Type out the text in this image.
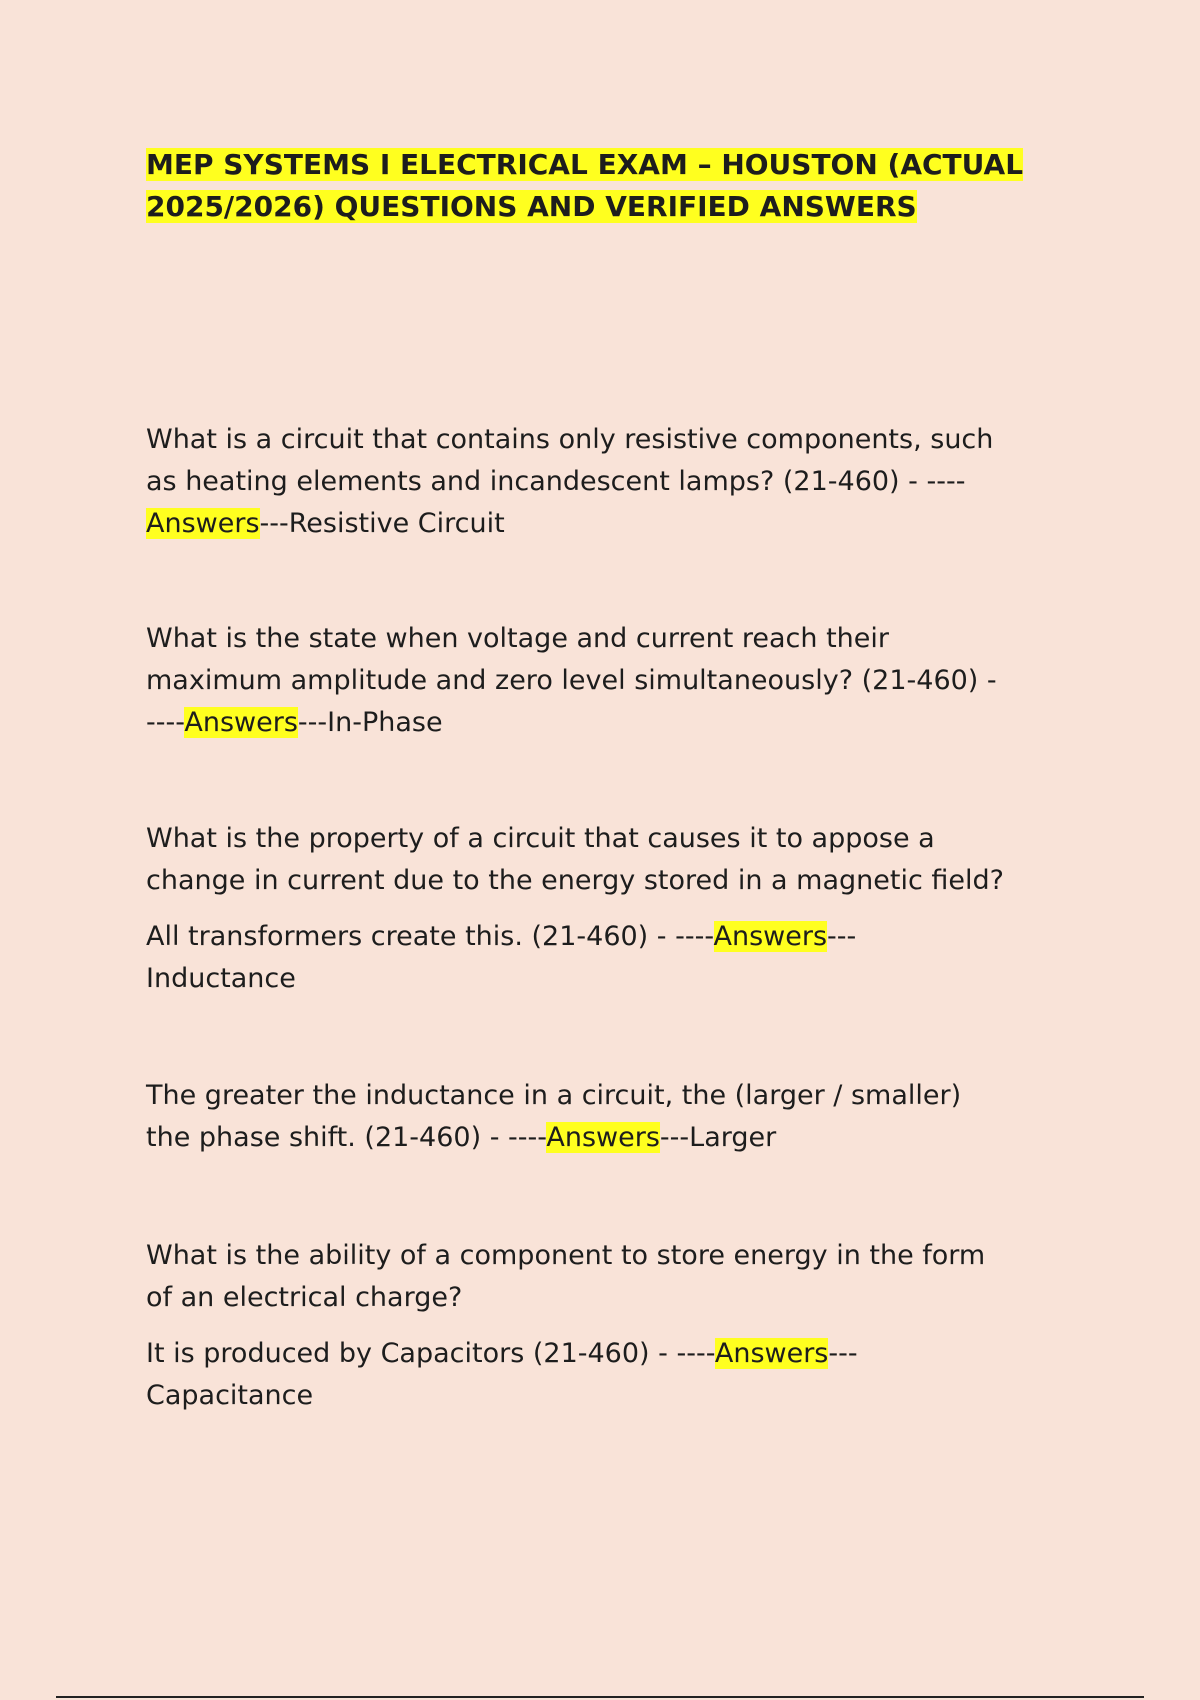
MEP SYSTEMS I ELECTRICAL EXAM – HOUSTON (ACTUAL
2025/2026) QUESTIONS AND VERIFIED ANSWERS
What is a circuit that contains only resistive components, such
as heating elements and incandescent lamps? (21-460) - ----
Answers---Resistive Circuit
What is the state when voltage and current reach their
maximum amplitude and zero level simultaneously? (21-460) -
----Answers---In-Phase
What is the property of a circuit that causes it to appose a
change in current due to the energy stored in a magnetic field?
All transformers create this. (21-460) - ----Answers---
Inductance
The greater the inductance in a circuit, the (larger / smaller)
the phase shift. (21-460) - ----Answers---Larger
What is the ability of a component to store energy in the form
of an electrical charge?
It is produced by Capacitors (21-460) - ----Answers---
Capacitance
